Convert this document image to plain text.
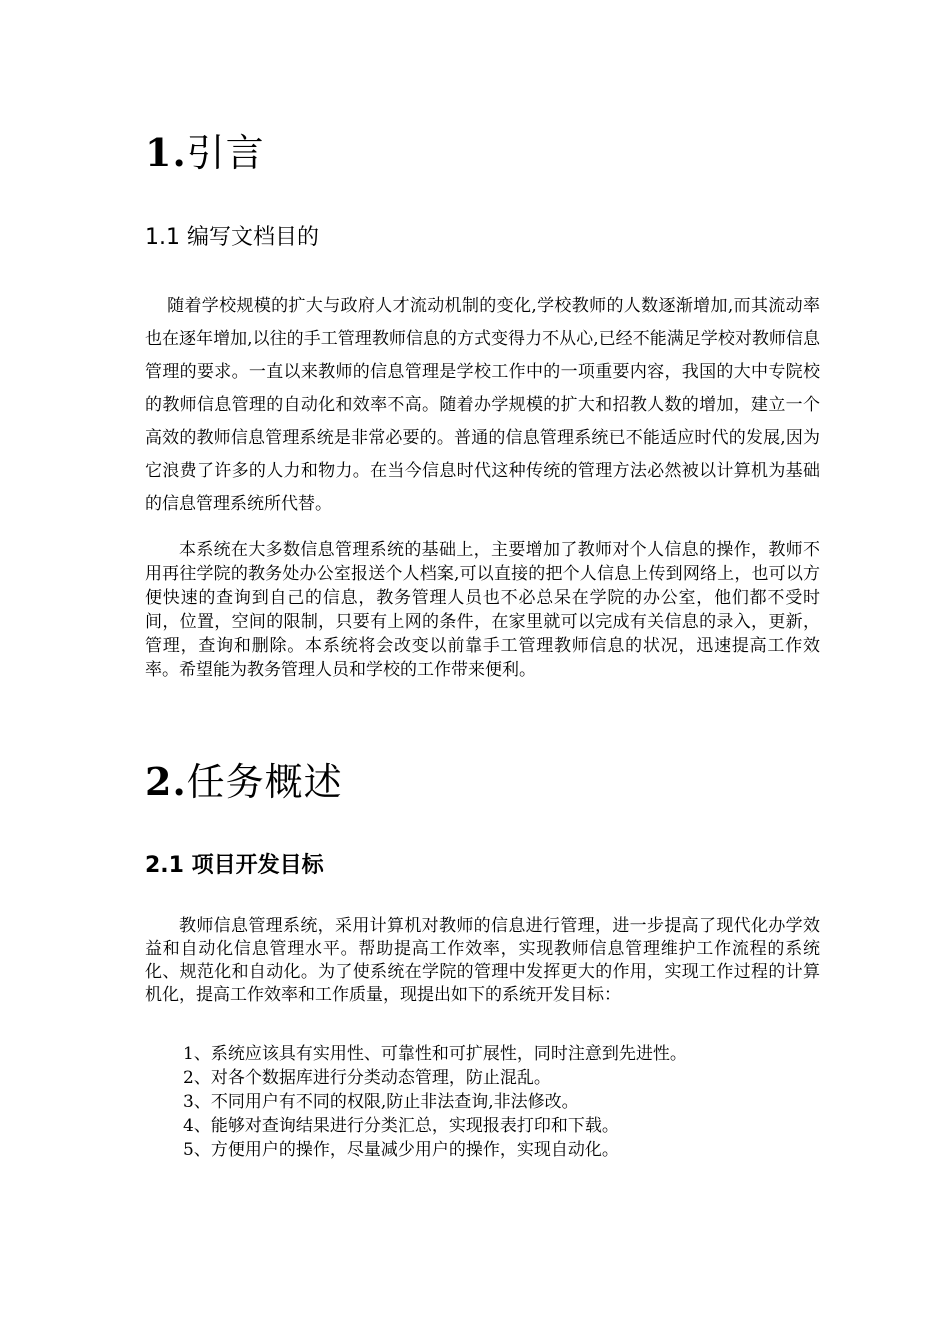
1.引言
1.1 编写文档目的

随着学校规模的扩大与政府人才流动机制的变化,学校教师的人数逐渐增加,而其流动率也在逐年增加,以往的手工管理教师信息的方式变得力不从心,已经不能满足学校对教师信息管理的要求。一直以来教师的信息管理是学校工作中的一项重要内容，我国的大中专院校的教师信息管理的自动化和效率不高。随着办学规模的扩大和招教人数的增加，建立一个高效的教师信息管理系统是非常必要的。普通的信息管理系统已不能适应时代的发展,因为它浪费了许多的人力和物力。在当今信息时代这种传统的管理方法必然被以计算机为基础的信息管理系统所代替。

本系统在大多数信息管理系统的基础上，主要增加了教师对个人信息的操作，教师不用再往学院的教务处办公室报送个人档案,可以直接的把个人信息上传到网络上，也可以方便快速的查询到自己的信息，教务管理人员也不必总呆在学院的办公室，他们都不受时间，位置，空间的限制，只要有上网的条件，在家里就可以完成有关信息的录入，更新，管理，查询和删除。本系统将会改变以前靠手工管理教师信息的状况，迅速提高工作效率。希望能为教务管理人员和学校的工作带来便利。

2.任务概述
2.1 项目开发目标

教师信息管理系统，采用计算机对教师的信息进行管理，进一步提高了现代化办学效益和自动化信息管理水平。帮助提高工作效率，实现教师信息管理维护工作流程的系统化、规范化和自动化。为了使系统在学院的管理中发挥更大的作用，实现工作过程的计算机化，提高工作效率和工作质量，现提出如下的系统开发目标：

1、系统应该具有实用性、可靠性和可扩展性，同时注意到先进性。
2、对各个数据库进行分类动态管理，防止混乱。
3、不同用户有不同的权限,防止非法查询,非法修改。
4、能够对查询结果进行分类汇总，实现报表打印和下载。
5、方便用户的操作，尽量减少用户的操作，实现自动化。
